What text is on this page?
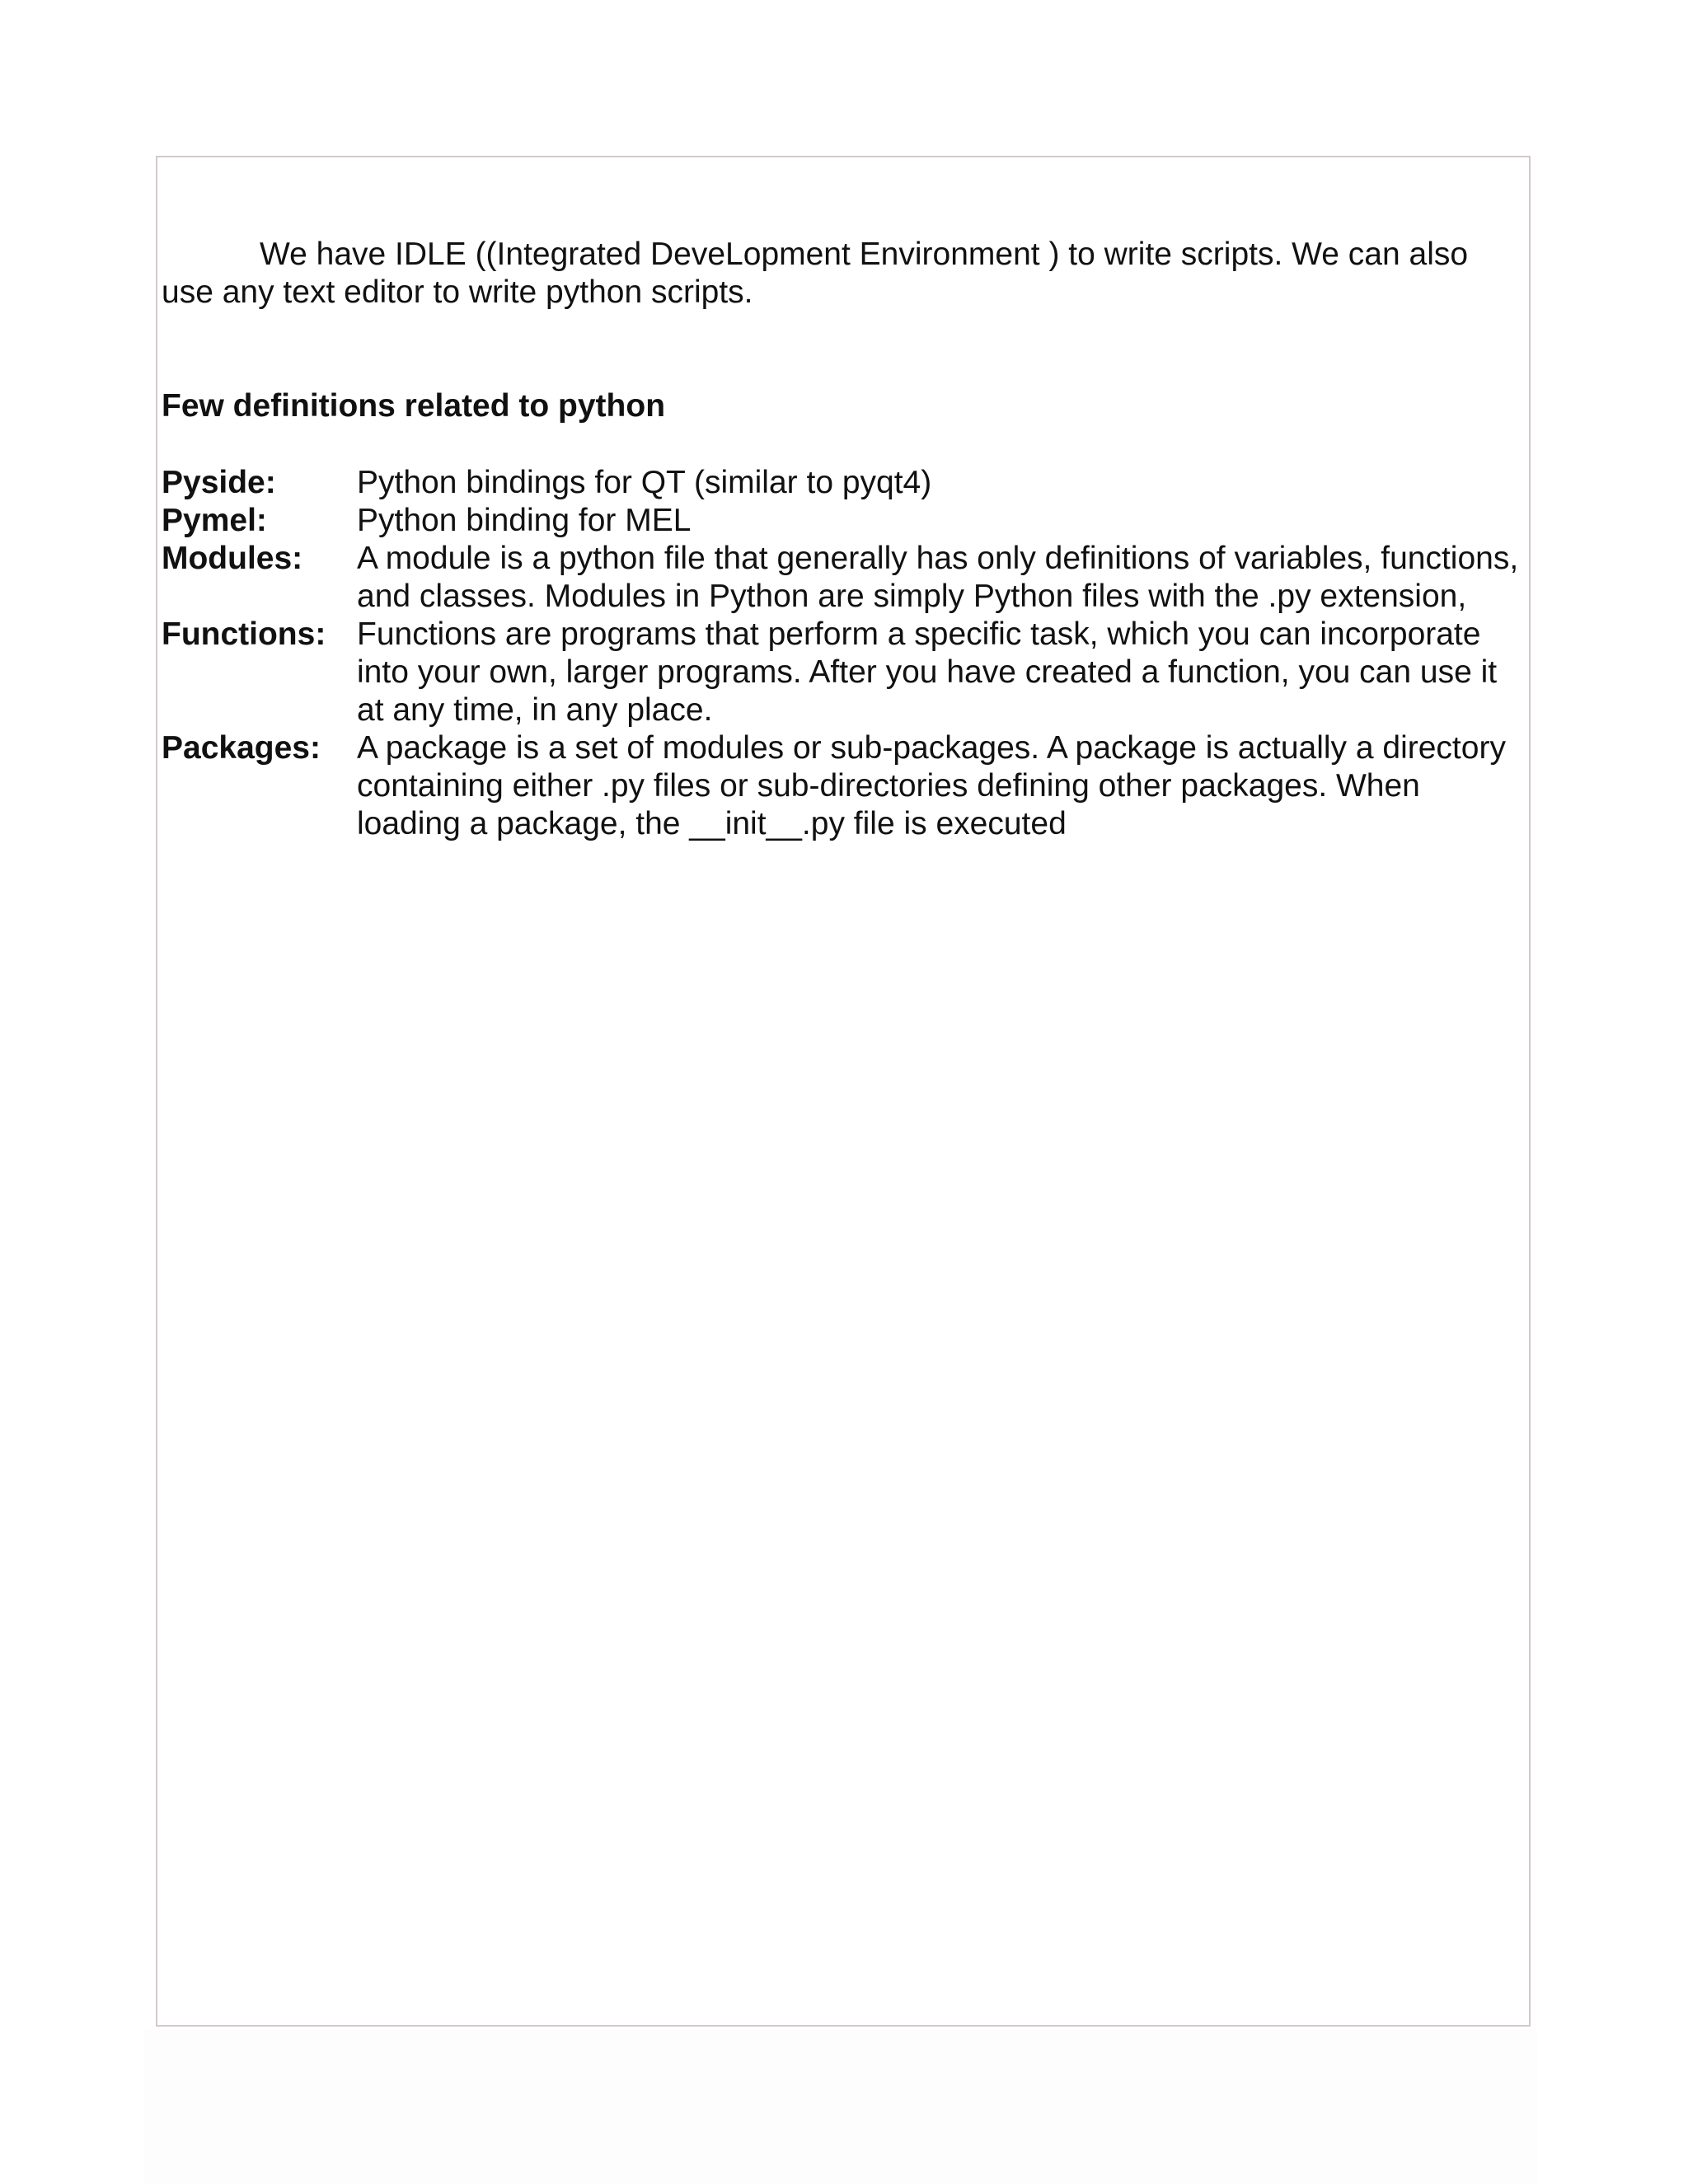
We have IDLE ((Integrated DeveLopment Environment ) to write scripts. We can also use any text editor to write python scripts.

Few definitions related to python
Pyside:	Python bindings for QT (similar to pyqt4)
Pymel:	Python binding for MEL
Modules:	A module is a python file that generally has only definitions of variables, functions, and classes. Modules in Python are simply Python files with the .py extension,
Functions: Functions are programs that perform a specific task, which you can incorporate into your own, larger programs. After you have created a function, you can use it at any time, in any place.
Packages:	A package is a set of modules or sub-packages. A package is actually a directory containing either .py files or sub-directories defining other packages. When loading a package, the __init__.py file is executed
